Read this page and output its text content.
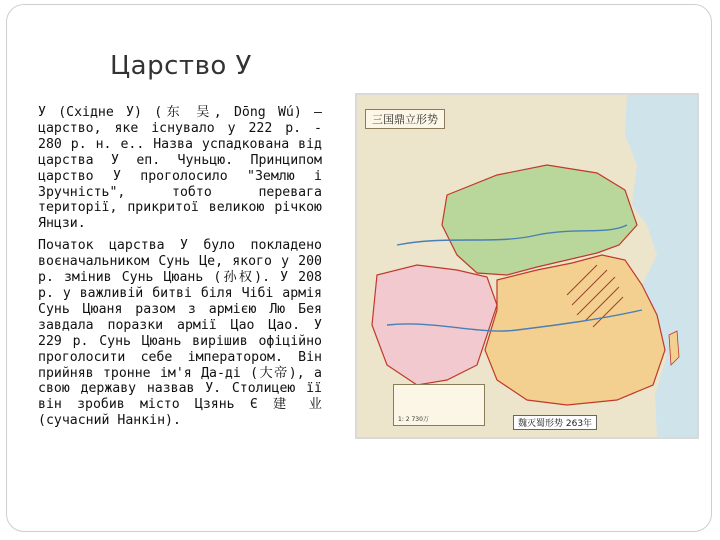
Царство У

У (Східне У) (东 吴, Dōng Wú) – царство, яке існувало у 222 р. - 280 р. н. е.. Назва успадкована від царства У еп. Чуньцю. Принципом царство У проголосило "Землю і Зручність", тобто перевага території, прикритої великою річкою Янцзи.

Початок царства У було покладено воєначальником Сунь Це, якого у 200 р. змінив Сунь Цюань (孙权). У 208 р. у важливій битві біля Чібі армія Сунь Цюаня разом з армією Лю Бея завдала поразки армії Цао Цао. У 229 р. Сунь Цюань вирішив офіційно проголосити себе імператором. Він прийняв тронне ім'я Да-ді (大帝), а свою державу назвав У. Столицею її він зробив місто Цзянь Є 建 业 (сучасний Нанкін).

三国鼎立形势
1: 2 730万	魏灭蜀形势 263年
